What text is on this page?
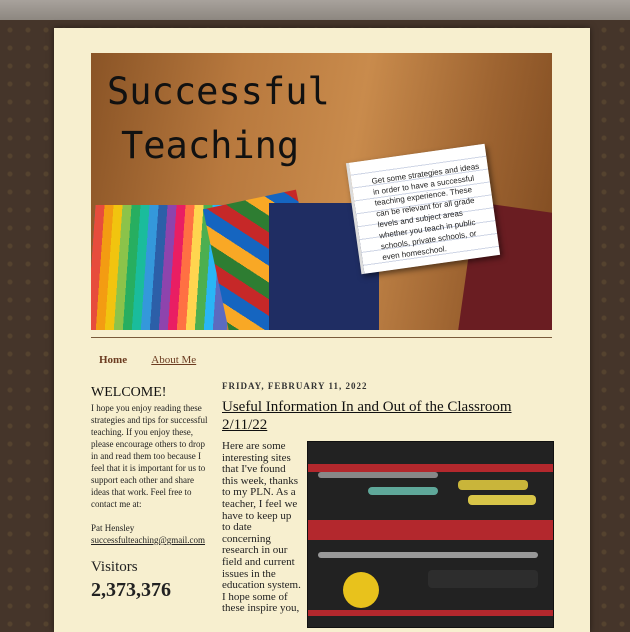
Successful
Teaching

Get some strategies and ideas in order to have a successful teaching experience. These can be relevant for all grade levels and subject areas whether you teach in public schools, private schools, or even homeschool.

Home About Me
WELCOME!
I hope you enjoy reading these strategies and tips for successful teaching. If you enjoy these, please encourage others to drop in and read them too because I feel that it is important for us to support each other and share ideas that work. Feel free to contact me at:
Pat Hensley
successfulteaching@gmail.com
Visitors
2,373,376
FRIDAY, FEBRUARY 11, 2022
Useful Information In and Out of the Classroom 2/11/22
Here are some interesting sites that I've found this week, thanks to my PLN. As a teacher, I feel we have to keep up to date concerning research in our field and current issues in the education system. I hope some of these inspire you,
